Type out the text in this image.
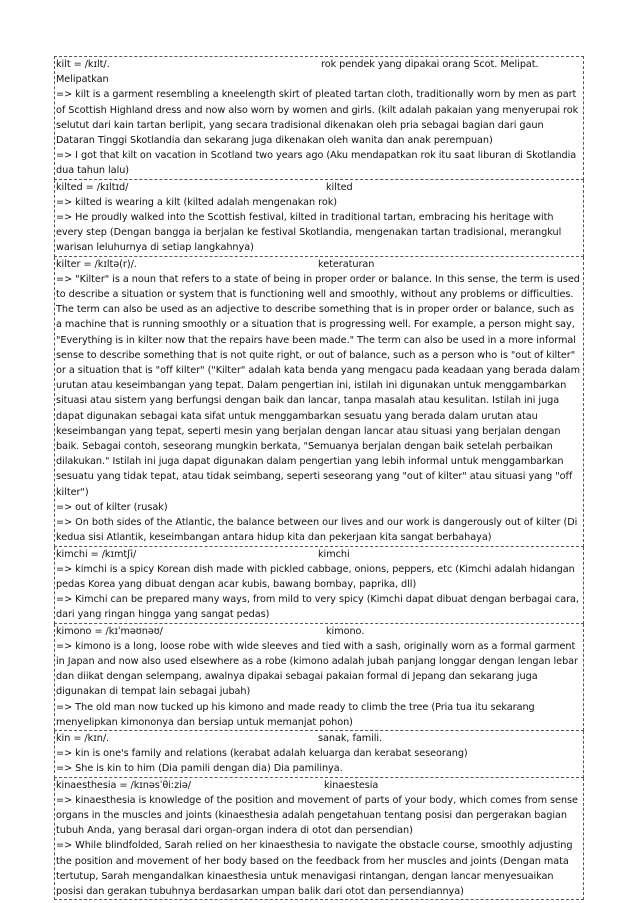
kilt = /kɪlt/.	rok pendek yang dipakai orang Scot. Melipat.
Melipatkan
=> kilt is a garment resembling a kneelength skirt of pleated tartan cloth, traditionally worn by men as part of Scottish Highland dress and now also worn by women and girls. (kilt adalah pakaian yang menyerupai rok selutut dari kain tartan berlipit, yang secara tradisional dikenakan oleh pria sebagai bagian dari gaun Dataran Tinggi Skotlandia dan sekarang juga dikenakan oleh wanita dan anak perempuan)
=> I got that kilt on vacation in Scotland two years ago (Aku mendapatkan rok itu saat liburan di Skotlandia dua tahun lalu)
kilted = /kɪltɪd/	kilted
=> kilted is wearing a kilt (kilted adalah mengenakan rok)
=> He proudly walked into the Scottish festival, kilted in traditional tartan, embracing his heritage with every step (Dengan bangga ia berjalan ke festival Skotlandia, mengenakan tartan tradisional, merangkul warisan leluhurnya di setiap langkahnya)
kilter = /kɪltə(r)/.	keteraturan
=> "Kilter" is a noun that refers to a state of being in proper order or balance. In this sense, the term is used to describe a situation or system that is functioning well and smoothly, without any problems or difficulties. The term can also be used as an adjective to describe something that is in proper order or balance, such as a machine that is running smoothly or a situation that is progressing well. For example, a person might say, "Everything is in kilter now that the repairs have been made." The term can also be used in a more informal sense to describe something that is not quite right, or out of balance, such as a person who is "out of kilter" or a situation that is "off kilter" ("Kilter" adalah kata benda yang mengacu pada keadaan yang berada dalam urutan atau keseimbangan yang tepat. Dalam pengertian ini, istilah ini digunakan untuk menggambarkan situasi atau sistem yang berfungsi dengan baik dan lancar, tanpa masalah atau kesulitan. Istilah ini juga dapat digunakan sebagai kata sifat untuk menggambarkan sesuatu yang berada dalam urutan atau keseimbangan yang tepat, seperti mesin yang berjalan dengan lancar atau situasi yang berjalan dengan baik. Sebagai contoh, seseorang mungkin berkata, "Semuanya berjalan dengan baik setelah perbaikan dilakukan." Istilah ini juga dapat digunakan dalam pengertian yang lebih informal untuk menggambarkan sesuatu yang tidak tepat, atau tidak seimbang, seperti seseorang yang "out of kilter" atau situasi yang "off kilter")
=> out of kilter (rusak)
=> On both sides of the Atlantic, the balance between our lives and our work is dangerously out of kilter (Di kedua sisi Atlantik, keseimbangan antara hidup kita dan pekerjaan kita sangat berbahaya)
kimchi = /kɪmtʃi/	kimchi
=> kimchi is a spicy Korean dish made with pickled cabbage, onions, peppers, etc (Kimchi adalah hidangan pedas Korea yang dibuat dengan acar kubis, bawang bombay, paprika, dll)
=> Kimchi can be prepared many ways, from mild to very spicy (Kimchi dapat dibuat dengan berbagai cara, dari yang ringan hingga yang sangat pedas)
kimono = /kɪˈməʊnəʊ/	kimono.
=> kimono is a long, loose robe with wide sleeves and tied with a sash, originally worn as a formal garment in Japan and now also used elsewhere as a robe (kimono adalah jubah panjang longgar dengan lengan lebar dan diikat dengan selempang, awalnya dipakai sebagai pakaian formal di Jepang dan sekarang juga digunakan di tempat lain sebagai jubah)
=> The old man now tucked up his kimono and made ready to climb the tree (Pria tua itu sekarang menyelipkan kimononya dan bersiap untuk memanjat pohon)
kin = /kɪn/.	sanak, famili.
=> kin is one's family and relations (kerabat adalah keluarga dan kerabat seseorang)
=> She is kin to him (Dia pamili dengan dia) Dia pamilinya.
kinaesthesia = /kɪnəsˈθiːziə/	kinaestesia
=> kinaesthesia is knowledge of the position and movement of parts of your body, which comes from sense organs in the muscles and joints (kinaesthesia adalah pengetahuan tentang posisi dan pergerakan bagian tubuh Anda, yang berasal dari organ-organ indera di otot dan persendian)
=> While blindfolded, Sarah relied on her kinaesthesia to navigate the obstacle course, smoothly adjusting the position and movement of her body based on the feedback from her muscles and joints (Dengan mata tertutup, Sarah mengandalkan kinaesthesia untuk menavigasi rintangan, dengan lancar menyesuaikan posisi dan gerakan tubuhnya berdasarkan umpan balik dari otot dan persendiannya)
